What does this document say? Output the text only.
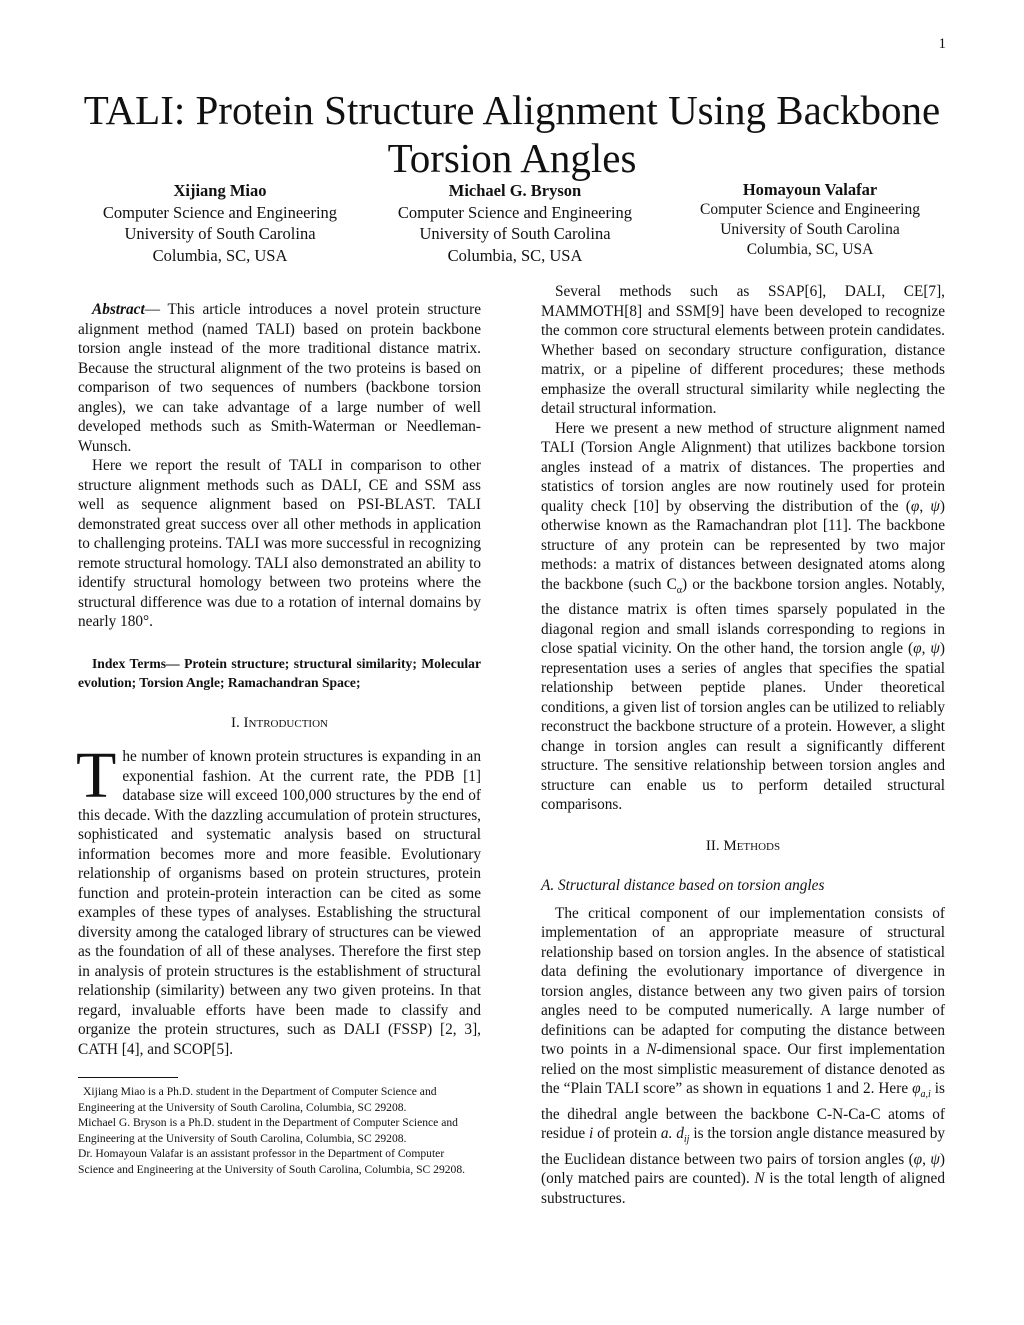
1
TALI: Protein Structure Alignment Using Backbone Torsion Angles
Xijiang Miao
Computer Science and Engineering
University of South Carolina
Columbia, SC, USA
Michael G. Bryson
Computer Science and Engineering
University of South Carolina
Columbia, SC, USA
Homayoun Valafar
Computer Science and Engineering
University of South Carolina
Columbia, SC, USA

Abstract— This article introduces a novel protein structure alignment method (named TALI) based on protein backbone torsion angle instead of the more traditional distance matrix. Because the structural alignment of the two proteins is based on comparison of two sequences of numbers (backbone torsion angles), we can take advantage of a large number of well developed methods such as Smith-Waterman or Needleman-Wunsch.

Here we report the result of TALI in comparison to other structure alignment methods such as DALI, CE and SSM ass well as sequence alignment based on PSI-BLAST. TALI demonstrated great success over all other methods in application to challenging proteins. TALI was more successful in recognizing remote structural homology. TALI also demonstrated an ability to identify structural homology between two proteins where the structural difference was due to a rotation of internal domains by nearly 180°.

Index Terms— Protein structure; structural similarity; Molecular evolution; Torsion Angle; Ramachandran Space;

I. Introduction

The number of known protein structures is expanding in an exponential fashion. At the current rate, the PDB [1] database size will exceed 100,000 structures by the end of this decade. With the dazzling accumulation of protein structures, sophisticated and systematic analysis based on structural information becomes more and more feasible. Evolutionary relationship of organisms based on protein structures, protein function and protein-protein interaction can be cited as some examples of these types of analyses. Establishing the structural diversity among the cataloged library of structures can be viewed as the foundation of all of these analyses. Therefore the first step in analysis of protein structures is the establishment of structural relationship (similarity) between any two given proteins. In that regard, invaluable efforts have been made to classify and organize the protein structures, such as DALI (FSSP) [2, 3], CATH [4], and SCOP[5].

Xijiang Miao is a Ph.D. student in the Department of Computer Science and Engineering at the University of South Carolina, Columbia, SC 29208.

Michael G. Bryson is a Ph.D. student in the Department of Computer Science and Engineering at the University of South Carolina, Columbia, SC 29208.

Dr. Homayoun Valafar is an assistant professor in the Department of Computer Science and Engineering at the University of South Carolina, Columbia, SC 29208.

Several methods such as SSAP[6], DALI, CE[7], MAMMOTH[8] and SSM[9] have been developed to recognize the common core structural elements between protein candidates. Whether based on secondary structure configuration, distance matrix, or a pipeline of different procedures; these methods emphasize the overall structural similarity while neglecting the detail structural information.

Here we present a new method of structure alignment named TALI (Torsion Angle Alignment) that utilizes backbone torsion angles instead of a matrix of distances. The properties and statistics of torsion angles are now routinely used for protein quality check [10] by observing the distribution of the (φ, ψ) otherwise known as the Ramachandran plot [11]. The backbone structure of any protein can be represented by two major methods: a matrix of distances between designated atoms along the backbone (such $C_\alpha$) or the backbone torsion angles. Notably, the distance matrix is often times sparsely populated in the diagonal region and small islands corresponding to regions in close spatial vicinity. On the other hand, the torsion angle (φ, ψ) representation uses a series of angles that specifies the spatial relationship between peptide planes. Under theoretical conditions, a given list of torsion angles can be utilized to reliably reconstruct the backbone structure of a protein. However, a slight change in torsion angles can result a significantly different structure. The sensitive relationship between torsion angles and structure can enable us to perform detailed structural comparisons.

II. Methods

A. Structural distance based on torsion angles

The critical component of our implementation consists of implementation of an appropriate measure of structural relationship based on torsion angles. In the absence of statistical data defining the evolutionary importance of divergence in torsion angles, distance between any two given pairs of torsion angles need to be computed numerically. A large number of definitions can be adapted for computing the distance between two points in a N-dimensional space. Our first implementation relied on the most simplistic measurement of distance denoted as the “Plain TALI score” as shown in equations 1 and 2. Here $\varphi_{a,i}$ is the dihedral angle between the backbone C-N-Ca-C atoms of residue i of protein a. $d_{ij}$ is the torsion angle distance measured by the Euclidean distance between two pairs of torsion angles (φ, ψ) (only matched pairs are counted). N is the total length of aligned substructures.
